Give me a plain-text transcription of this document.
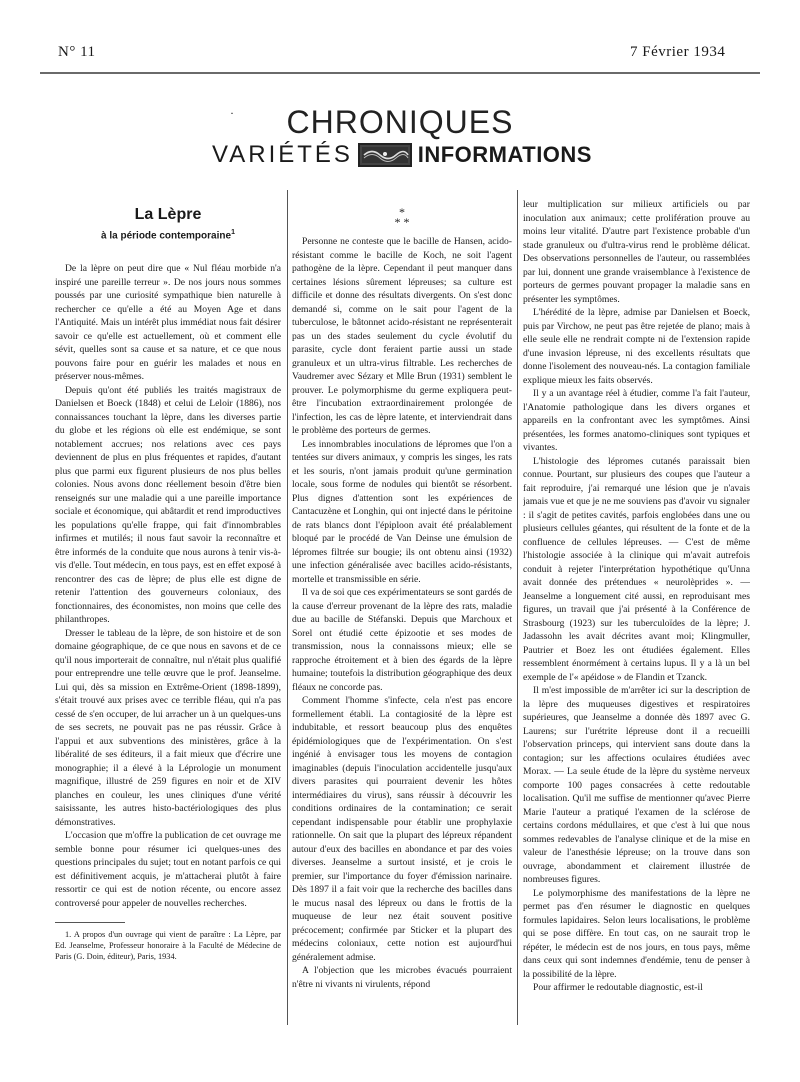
N° 11	7 Février 1934
·	CHRONIQUES
VARIÉTÉS	INFORMATIONS
La Lèpre
à la période contemporaine$^1$

De la lèpre on peut dire que « Nul fléau morbide n'a inspiré une pareille terreur ». De nos jours nous sommes poussés par une curiosité sympathique bien naturelle à rechercher ce qu'elle a été au Moyen Age et dans l'Antiquité. Mais un intérêt plus immédiat nous fait désirer savoir ce qu'elle est actuellement, où et comment elle sévit, quelles sont sa cause et sa nature, et ce que nous pouvons faire pour en guérir les malades et nous en préserver nous-mêmes.

Depuis qu'ont été publiés les traités magistraux de Danielsen et Boeck (1848) et celui de Leloir (1886), nos connaissances touchant la lèpre, dans les diverses partie du globe et les régions où elle est endémique, se sont notablement accrues; nos relations avec ces pays deviennent de plus en plus fréquentes et rapides, d'autant plus que parmi eux figurent plusieurs de nos plus belles colonies. Nous avons donc réellement besoin d'être bien renseignés sur une maladie qui a une pareille importance sociale et économique, qui abâtardit et rend improductives les populations qu'elle frappe, qui fait d'innombrables infirmes et mutilés; il nous faut savoir la reconnaître et être informés de la conduite que nous aurons à tenir vis-à-vis d'elle. Tout médecin, en tous pays, est en effet exposé à rencontrer des cas de lèpre; de plus elle est digne de retenir l'attention des gouverneurs coloniaux, des fonctionnaires, des économistes, non moins que celle des philanthropes.

Dresser le tableau de la lèpre, de son histoire et de son domaine géographique, de ce que nous en savons et de ce qu'il nous importerait de connaître, nul n'était plus qualifié pour entreprendre une telle œuvre que le prof. Jeanselme. Lui qui, dès sa mission en Extrême-Orient (1898-1899), s'était trouvé aux prises avec ce terrible fléau, qui n'a pas cessé de s'en occuper, de lui arracher un à un quelques-uns de ses secrets, ne pouvait pas ne pas réussir. Grâce à l'appui et aux subventions des ministères, grâce à la libéralité de ses éditeurs, il a fait mieux que d'écrire une monographie; il a élevé à la Léprologie un monument magnifique, illustré de 259 figures en noir et de XIV planches en couleur, les unes cliniques d'une vérité saisissante, les autres histo-bactériologiques des plus démonstratives.

L'occasion que m'offre la publication de cet ouvrage me semble bonne pour résumer ici quelques-unes des questions principales du sujet; tout en notant parfois ce qui est définitivement acquis, je m'attacherai plutôt à faire ressortir ce qui est de notion récente, ou encore assez controversé pour appeler de nouvelles recherches.

1. A propos d'un ouvrage qui vient de paraître : La Lèpre, par Ed. Jeanselme, Professeur honoraire à la Faculté de Médecine de Paris (G. Doin, éditeur), Paris, 1934.

*
* *

Personne ne conteste que le bacille de Hansen, acido-résistant comme le bacille de Koch, ne soit l'agent pathogène de la lèpre. Cependant il peut manquer dans certaines lésions sûrement lépreuses; sa culture est difficile et donne des résultats divergents. On s'est donc demandé si, comme on le sait pour l'agent de la tuberculose, le bâtonnet acido-résistant ne représenterait pas un des stades seulement du cycle évolutif du parasite, cycle dont feraient partie aussi un stade granuleux et un ultra-virus filtrable. Les recherches de Vaudremer avec Sézary et Mlle Brun (1931) semblent le prouver. Le polymorphisme du germe expliquera peut-être l'incubation extraordinairement prolongée de l'infection, les cas de lèpre latente, et interviendrait dans le problème des porteurs de germes.

Les innombrables inoculations de lépromes que l'on a tentées sur divers animaux, y compris les singes, les rats et les souris, n'ont jamais produit qu'une germination locale, sous forme de nodules qui bientôt se résorbent. Plus dignes d'attention sont les expériences de Cantacuzène et Longhin, qui ont injecté dans le péritoine de rats blancs dont l'épiploon avait été préalablement bloqué par le procédé de Van Deinse une émulsion de lépromes filtrée sur bougie; ils ont obtenu ainsi (1932) une infection généralisée avec bacilles acido-résistants, mortelle et transmissible en série.

Il va de soi que ces expérimentateurs se sont gardés de la cause d'erreur provenant de la lèpre des rats, maladie due au bacille de Stéfanski. Depuis que Marchoux et Sorel ont étudié cette épizootie et ses modes de transmission, nous la connaissons mieux; elle se rapproche étroitement et à bien des égards de la lèpre humaine; toutefois la distribution géographique des deux fléaux ne concorde pas.

Comment l'homme s'infecte, cela n'est pas encore formellement établi. La contagiosité de la lèpre est indubitable, et ressort beaucoup plus des enquêtes épidémiologiques que de l'expérimentation. On s'est ingénié à envisager tous les moyens de contagion imaginables (depuis l'inoculation accidentelle jusqu'aux divers parasites qui pourraient devenir les hôtes intermédiaires du virus), sans réussir à découvrir les conditions ordinaires de la contamination; ce serait cependant indispensable pour établir une prophylaxie rationnelle. On sait que la plupart des lépreux répandent autour d'eux des bacilles en abondance et par des voies diverses. Jeanselme a surtout insisté, et je crois le premier, sur l'importance du foyer d'émission narinaire. Dès 1897 il a fait voir que la recherche des bacilles dans le mucus nasal des lépreux ou dans le frottis de la muqueuse de leur nez était souvent positive précocement; confirmée par Sticker et la plupart des médecins coloniaux, cette notion est aujourd'hui généralement admise.

A l'objection que les microbes évacués pourraient n'être ni vivants ni virulents, répond

leur multiplication sur milieux artificiels ou par inoculation aux animaux; cette prolifération prouve au moins leur vitalité. D'autre part l'existence probable d'un stade granuleux ou d'ultra-virus rend le problème délicat. Des observations personnelles de l'auteur, ou rassemblées par lui, donnent une grande vraisemblance à l'existence de porteurs de germes pouvant propager la maladie sans en présenter les symptômes.

L'hérédité de la lèpre, admise par Danielsen et Boeck, puis par Virchow, ne peut pas être rejetée de plano; mais à elle seule elle ne rendrait compte ni de l'extension rapide d'une invasion lépreuse, ni des excellents résultats que donne l'isolement des nouveau-nés. La contagion familiale explique mieux les faits observés.

Il y a un avantage réel à étudier, comme l'a fait l'auteur, l'Anatomie pathologique dans les divers organes et appareils en la confrontant avec les symptômes. Ainsi présentées, les formes anatomo-cliniques sont typiques et vivantes.

L'histologie des lépromes cutanés paraissait bien connue. Pourtant, sur plusieurs des coupes que l'auteur a fait reproduire, j'ai remarqué une lésion que je n'avais jamais vue et que je ne me souviens pas d'avoir vu signaler : il s'agit de petites cavités, parfois englobées dans une ou plusieurs cellules géantes, qui résultent de la fonte et de la confluence de cellules lépreuses. — C'est de même l'histologie associée à la clinique qui m'avait autrefois conduit à rejeter l'interprétation hypothétique qu'Unna avait donnée des prétendues « neurolèprides ». — Jeanselme a longuement cité aussi, en reproduisant mes figures, un travail que j'ai présenté à la Conférence de Strasbourg (1923) sur les tuberculoïdes de la lèpre; J. Jadassohn les avait décrites avant moi; Klingmuller, Pautrier et Boez les ont étudiées également. Elles ressemblent énormément à certains lupus. Il y a là un bel exemple de l'« apéidose » de Flandin et Tzanck.

Il m'est impossible de m'arrêter ici sur la description de la lèpre des muqueuses digestives et respiratoires supérieures, que Jeanselme a donnée dès 1897 avec G. Laurens; sur l'urétrite lépreuse dont il a recueilli l'observation princeps, qui intervient sans doute dans la contagion; sur les affections oculaires étudiées avec Morax. — La seule étude de la lèpre du système nerveux comporte 100 pages consacrées à cette redoutable localisation. Qu'il me suffise de mentionner qu'avec Pierre Marie l'auteur a pratiqué l'examen de la sclérose de certains cordons médullaires, et que c'est à lui que nous sommes redevables de l'analyse clinique et de la mise en valeur de l'anesthésie lépreuse; on la trouve dans son ouvrage, abondamment et clairement illustrée de nombreuses figures.

Le polymorphisme des manifestations de la lèpre ne permet pas d'en résumer le diagnostic en quelques formules lapidaires. Selon leurs localisations, le problème qui se pose diffère. En tout cas, on ne saurait trop le répéter, le médecin est de nos jours, en tous pays, même dans ceux qui sont indemnes d'endémie, tenu de penser à la possibilité de la lèpre.

Pour affirmer le redoutable diagnostic, est-il
